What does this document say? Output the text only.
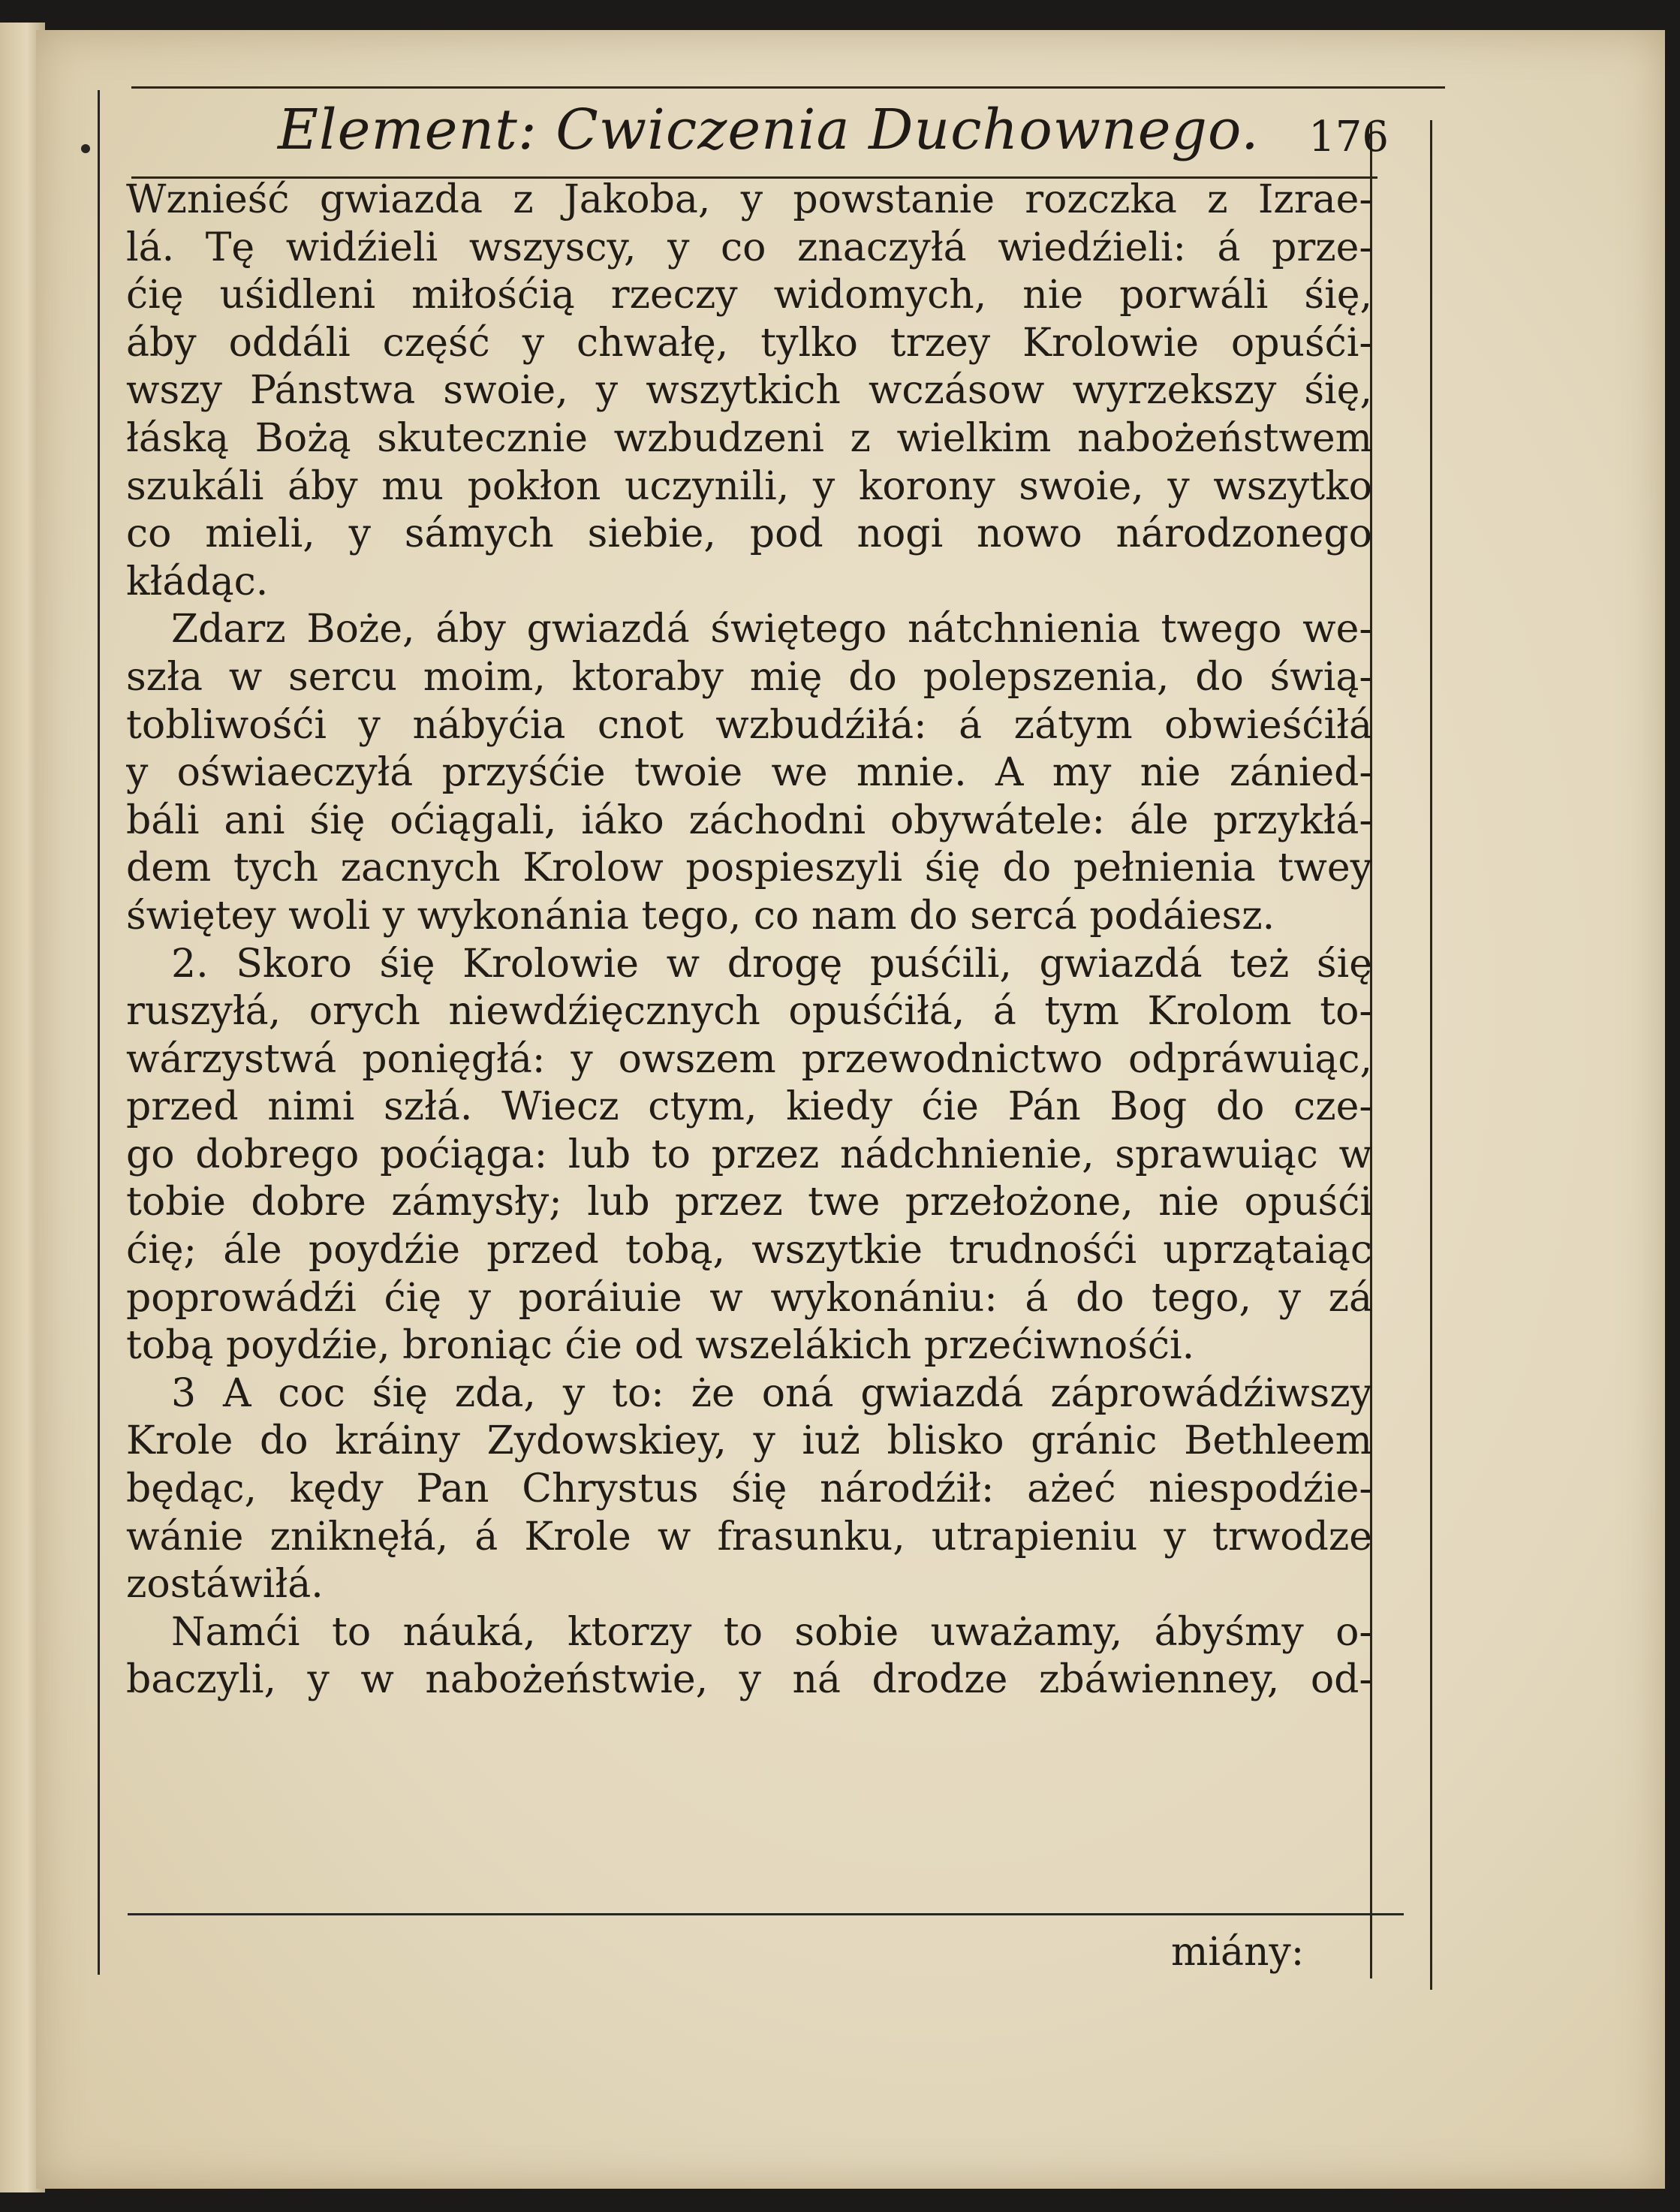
Element: Cwiczenia Duchownego. 176
Wznieść gwiazda z Jakoba, y powstanie rozczka z Izrae-
lá. Tę widźieli wszyscy, y co znaczyłá wiedźieli: á prze-
ćię uśidleni miłośćią rzeczy widomych, nie porwáli śię,
áby oddáli część y chwałę, tylko trzey Krolowie opuśći-
wszy Pánstwa swoie, y wszytkich wczásow wyrzekszy śię,
łáską Bożą skutecznie wzbudzeni z wielkim nabożeństwem
szukáli áby mu pokłon uczynili, y korony swoie, y wszytko
co mieli, y sámych siebie, pod nogi nowo národzonego
kłádąc.
Zdarz Boże, áby gwiazdá świętego nátchnienia twego we-
szła w sercu moim, ktoraby mię do polepszenia, do świą-
tobliwośći y nábyćia cnot wzbudźiłá: á zátym obwieśćiłá
y oświaeczyłá przyśćie twoie we mnie. A my nie zánied-
báli ani śię oćiągali, iáko záchodni obywátele: ále przykłá-
dem tych zacnych Krolow pospieszyli śię do pełnienia twey
świętey woli y wykonánia tego, co nam do sercá podáiesz.
2. Skoro śię Krolowie w drogę puśćili, gwiazdá też śię
ruszyłá, orych niewdźięcznych opuśćiłá, á tym Krolom to-
wárzystwá ponięgłá: y owszem przewodnictwo odpráwuiąc,
przed nimi szłá. Wiecz ctym, kiedy ćie Pán Bog do cze-
go dobrego poćiąga: lub to przez nádchnienie, sprawuiąc w
tobie dobre zámysły; lub przez twe przełożone, nie opuśći
ćię; ále poydźie przed tobą, wszytkie trudnośći uprzątaiąc
poprowádźi ćię y poráiuie w wykonániu: á do tego, y zá
tobą poydźie, broniąc ćie od wszelákich przećiwnośći.
3 A coc śię zda, y to: że oná gwiazdá záprowádźiwszy
Krole do kráiny Zydowskiey, y iuż blisko gránic Bethleem
będąc, kędy Pan Chrystus śię národźił: ażeć niespodźie-
wánie zniknęłá, á Krole w frasunku, utrapieniu y trwodze
zostáwiłá.
Namći to náuká, ktorzy to sobie uważamy, ábyśmy o-
baczyli, y w nabożeństwie, y ná drodze zbáwienney, od-
miány:
